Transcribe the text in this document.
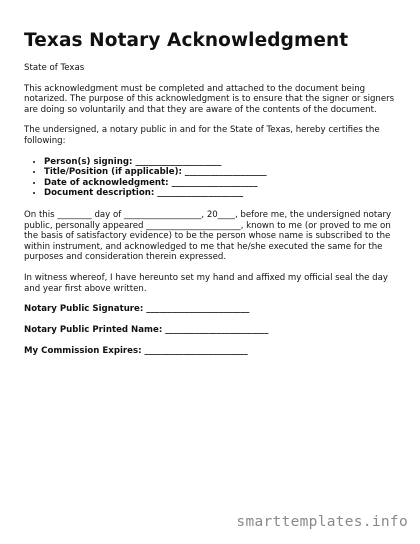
Texas Notary Acknowledgment

State of Texas

This acknowledgment must be completed and attached to the document being notarized. The purpose of this acknowledgment is to ensure that the signer or signers are doing so voluntarily and that they are aware of the contents of the document.

The undersigned, a notary public in and for the State of Texas, hereby certifies the following:

• Person(s) signing: ____________________
• Title/Position (if applicable): ___________________
• Date of acknowledgment: ____________________
• Document description: ____________________

On this ________ day of __________________, 20____, before me, the undersigned notary public, personally appeared ______________________, known to me (or proved to me on the basis of satisfactory evidence) to be the person whose name is subscribed to the within instrument, and acknowledged to me that he/she executed the same for the purposes and consideration therein expressed.

In witness whereof, I have hereunto set my hand and affixed my official seal the day and year first above written.

Notary Public Signature: ________________________
Notary Public Printed Name: ________________________
My Commission Expires: ________________________
smarttemplates.info
